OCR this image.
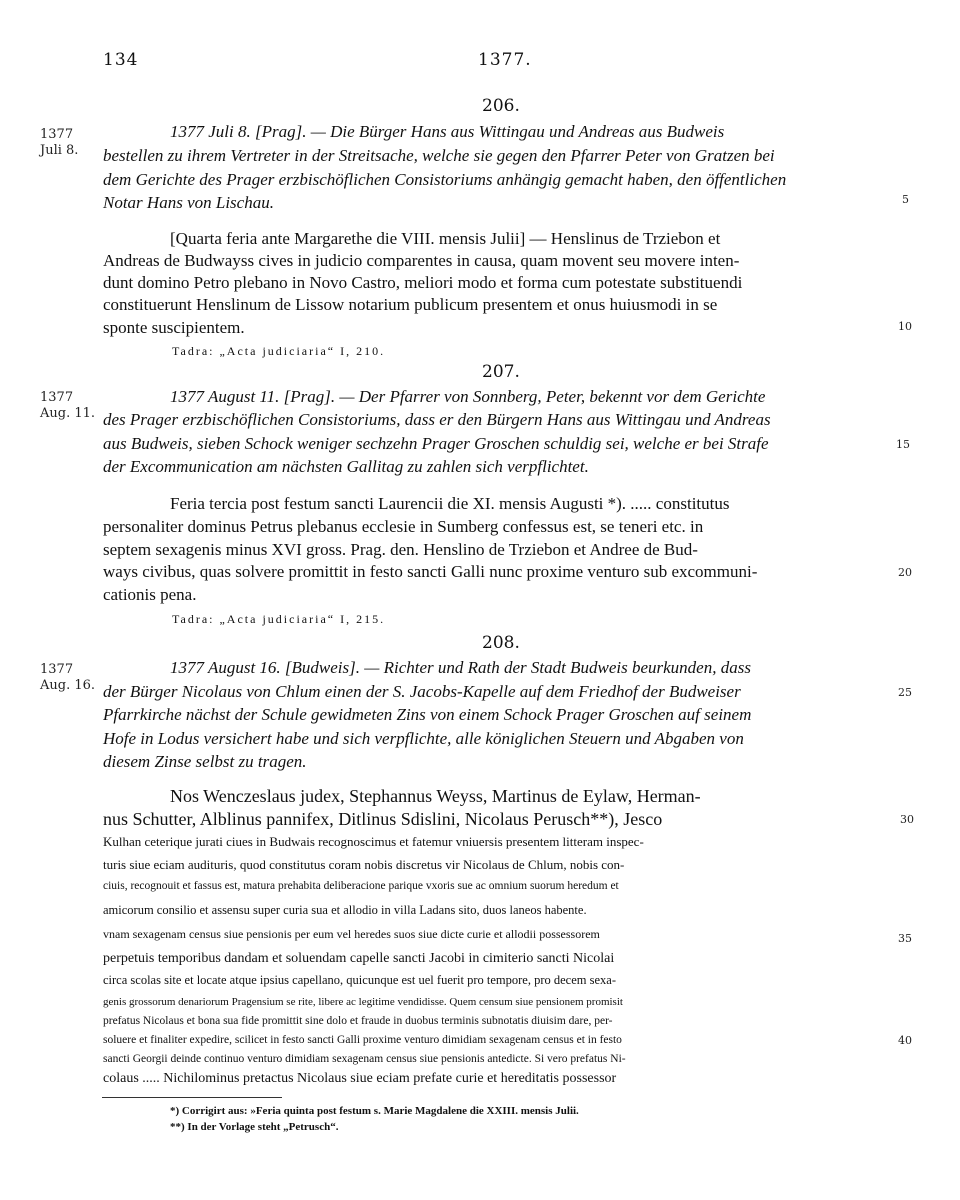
134	1377.
206.
1377
Juli 8.
1377 Juli 8. [Prag]. — Die Bürger Hans aus Wittingau und Andreas aus Budweis
bestellen zu ihrem Vertreter in der Streitsache, welche sie gegen den Pfarrer Peter von Gratzen bei
dem Gerichte des Prager erzbischöflichen Consistoriums anhängig gemacht haben, den öffentlichen
Notar Hans von Lischau.	5
[Quarta feria ante Margarethe die VIII. mensis Julii] — Henslinus de Trziebon et
Andreas de Budwayss cives in judicio comparentes in causa, quam movent seu movere inten-
dunt domino Petro plebano in Novo Castro, meliori modo et forma cum potestate substituendi
constituerunt Henslinum de Lissow notarium publicum presentem et onus huiusmodi in se
sponte suscipientem.	10
Tadra: „Acta judiciaria“ I, 210.
207.
1377
Aug. 11.
1377 August 11. [Prag]. — Der Pfarrer von Sonnberg, Peter, bekennt vor dem Gerichte
des Prager erzbischöflichen Consistoriums, dass er den Bürgern Hans aus Wittingau und Andreas
aus Budweis, sieben Schock weniger sechzehn Prager Groschen schuldig sei, welche er bei Strafe	15
der Excommunication am nächsten Gallitag zu zahlen sich verpflichtet.
Feria tercia post festum sancti Laurencii die XI. mensis Augusti *). ..... constitutus
personaliter dominus Petrus plebanus ecclesie in Sumberg confessus est, se teneri etc. in
septem sexagenis minus XVI gross. Prag. den. Henslino de Trziebon et Andree de Bud-
ways civibus, quas solvere promittit in festo sancti Galli nunc proxime venturo sub excommuni-	20
cationis pena.
Tadra: „Acta judiciaria“ I, 215.
208.
1377
Aug. 16.
1377 August 16. [Budweis]. — Richter und Rath der Stadt Budweis beurkunden, dass
der Bürger Nicolaus von Chlum einen der S. Jacobs-Kapelle auf dem Friedhof der Budweiser	25
Pfarrkirche nächst der Schule gewidmeten Zins von einem Schock Prager Groschen auf seinem
Hofe in Lodus versichert habe und sich verpflichte, alle königlichen Steuern und Abgaben von
diesem Zinse selbst zu tragen.
Nos Wenczeslaus judex, Stephannus Weyss, Martinus de Eylaw, Herman-
nus Schutter, Alblinus pannifex, Ditlinus Sdislini, Nicolaus Perusch**), Jesco	30
Kulhan ceterique jurati ciues in Budwais recognoscimus et fatemur vniuersis presentem litteram inspec-
turis siue eciam audituris, quod constitutus coram nobis discretus vir Nicolaus de Chlum, nobis con-
ciuis, recognouit et fassus est, matura prehabita deliberacione parique vxoris sue ac omnium suorum heredum et
amicorum consilio et assensu super curia sua et allodio in villa Ladans sito, duos laneos habente.
vnam sexagenam census siue pensionis per eum vel heredes suos siue dicte curie et allodii possessorem	35
perpetuis temporibus dandam et soluendam capelle sancti Jacobi in cimiterio sancti Nicolai
circa scolas site et locate atque ipsius capellano, quicunque est uel fuerit pro tempore, pro decem sexa-
genis grossorum denariorum Pragensium se rite, libere ac legitime vendidisse. Quem censum siue pensionem promisit
prefatus Nicolaus et bona sua fide promittit sine dolo et fraude in duobus terminis subnotatis diuisim dare, per-
soluere et finaliter expedire, scilicet in festo sancti Galli proxime venturo dimidiam sexagenam census et in festo	40
sancti Georgii deinde continuo venturo dimidiam sexagenam census siue pensionis antedicte. Si vero prefatus Ni-
colaus ..... Nichilominus pretactus Nicolaus siue eciam prefate curie et hereditatis possessor
*) Corrigirt aus: »Feria quinta post festum s. Marie Magdalene die XXIII. mensis Julii.
**) In der Vorlage steht „Petrusch“.
